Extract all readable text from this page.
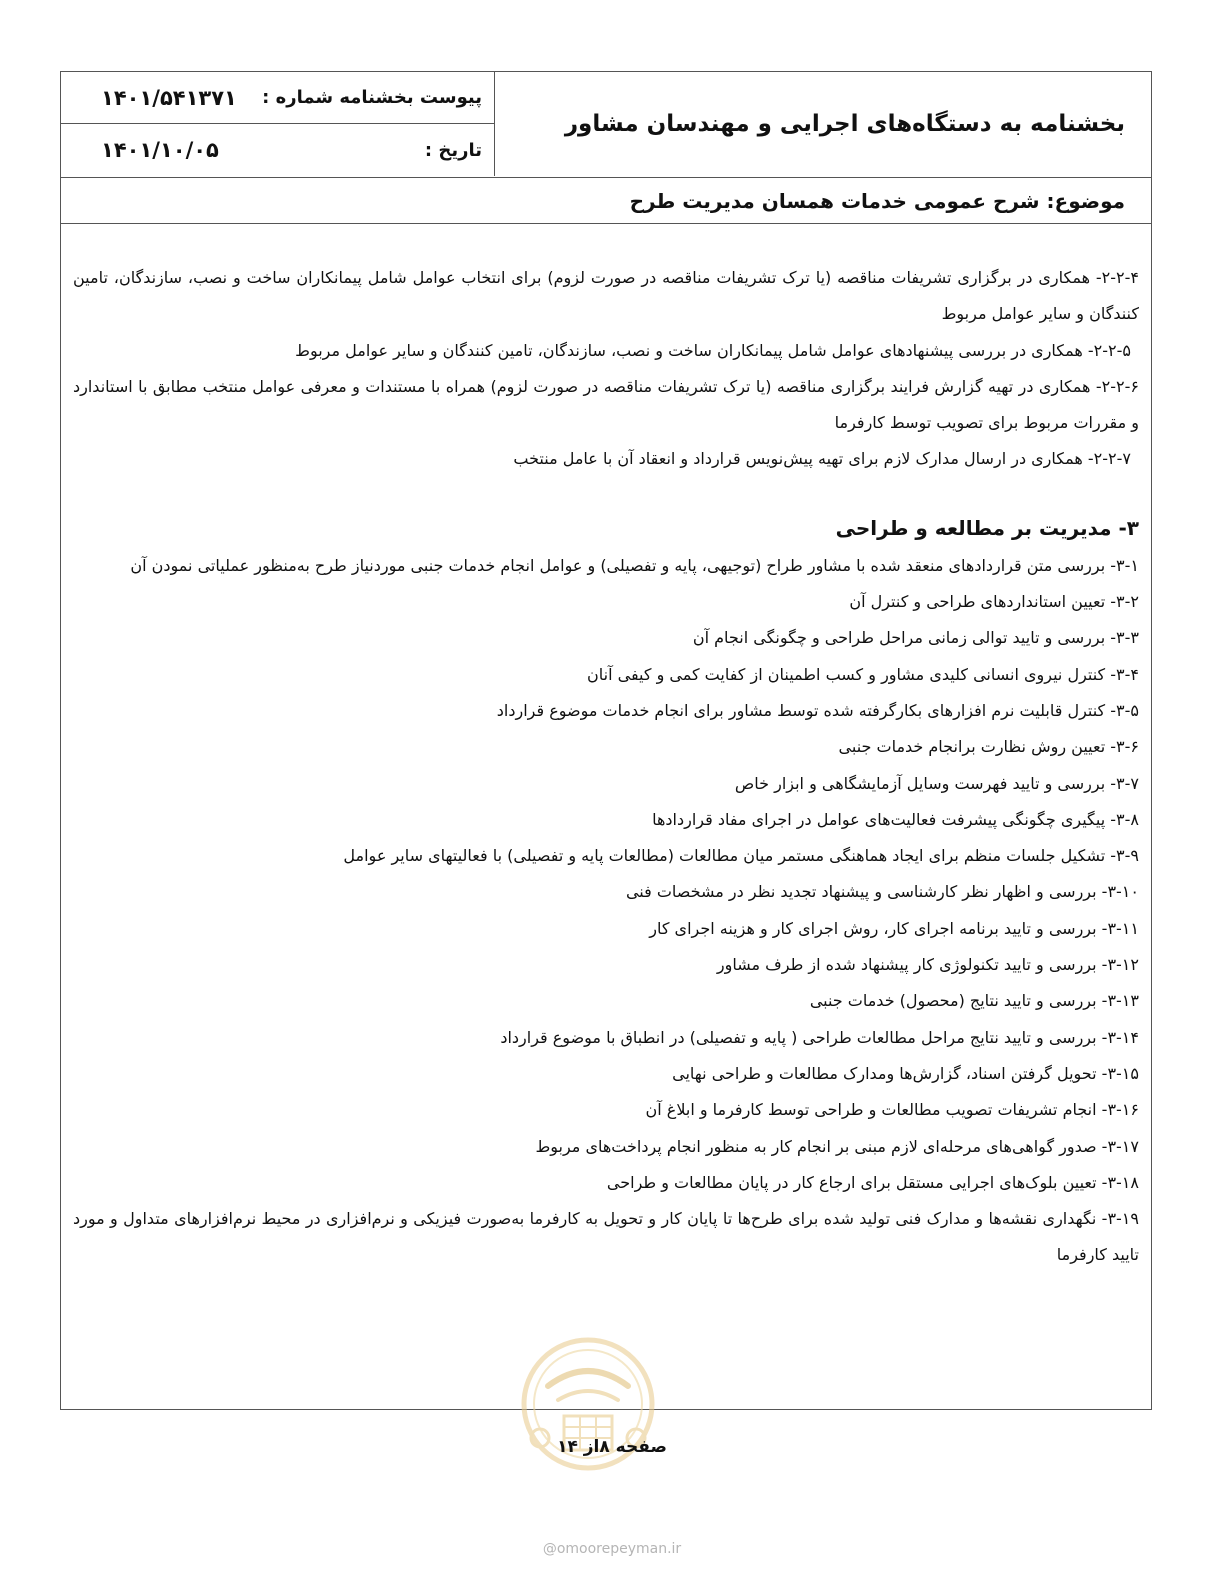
بخشنامه به دستگاه‌های اجرایی و مهندسان مشاور
پیوست بخشنامه شماره :
۱۴۰۱/۵۴۱۳۷۱
تاریخ :
۱۴۰۱/۱۰/۰۵
موضوع: شرح عمومی خدمات همسان مدیریت طرح

۲-۲-۴- همکاری در برگزاری تشریفات مناقصه (یا ترک تشریفات مناقصه در صورت لزوم) برای انتخاب عوامل شامل پیمانکاران ساخت و نصب، سازندگان، تامین کنندگان و سایر عوامل مربوط

۲-۲-۵- همکاری در بررسی پیشنهادهای عوامل شامل پیمانکاران ساخت و نصب، سازندگان، تامین کنندگان و سایر عوامل مربوط

۲-۲-۶- همکاری در تهیه گزارش فرایند برگزاری مناقصه (یا ترک تشریفات مناقصه در صورت لزوم) همراه با مستندات و معرفی عوامل منتخب مطابق با استاندارد و مقررات مربوط برای تصویب توسط کارفرما

۲-۲-۷- همکاری در ارسال مدارک لازم برای تهیه پیش‌نویس قرارداد و انعقاد آن با عامل منتخب

۳- مدیریت بر مطالعه و طراحی

۳-۱- بررسی متن قراردادهای منعقد شده با مشاور طراح (توجیهی، پایه و تفصیلی) و عوامل انجام خدمات جنبی موردنیاز طرح به‌منظور عملیاتی نمودن آن

۳-۲- تعیین استانداردهای طراحی و کنترل آن

۳-۳- بررسی و تایید توالی زمانی مراحل طراحی و چگونگی انجام آن

۳-۴- کنترل نیروی انسانی کلیدی مشاور و کسب اطمینان از کفایت کمی و کیفی آنان

۳-۵- کنترل قابلیت نرم افزارهای بکارگرفته شده توسط مشاور برای انجام خدمات موضوع قرارداد

۳-۶- تعیین روش نظارت برانجام خدمات جنبی

۳-۷- بررسی و تایید فهرست وسایل آزمایشگاهی و ابزار خاص

۳-۸- پیگیری چگونگی پیشرفت فعالیت‌های عوامل در اجرای مفاد قراردادها

۳-۹- تشکیل جلسات منظم برای ایجاد هماهنگی مستمر میان مطالعات (مطالعات پایه و تفصیلی) با فعالیتهای سایر عوامل

۳-۱۰- بررسی و اظهار نظر کارشناسی و پیشنهاد تجدید نظر در مشخصات فنی

۳-۱۱- بررسی و تایید برنامه اجرای کار، روش اجرای کار و هزینه اجرای کار

۳-۱۲- بررسی و تایید تکنولوژی کار پیشنهاد شده از طرف مشاور

۳-۱۳- بررسی و تایید نتایج (محصول) خدمات جنبی

۳-۱۴- بررسی و تایید نتایج مراحل مطالعات طراحی ( پایه و تفصیلی) در انطباق با موضوع قرارداد

۳-۱۵- تحویل گرفتن اسناد، گزارش‌ها ومدارک مطالعات و طراحی نهایی

۳-۱۶- انجام تشریفات تصویب مطالعات و طراحی توسط کارفرما و ابلاغ آن

۳-۱۷- صدور گواهی‌های مرحله‌ای لازم مبنی بر انجام کار به منظور انجام پرداخت‌های مربوط

۳-۱۸- تعیین بلوک‌های اجرایی مستقل برای ارجاع کار در پایان مطالعات و طراحی

۳-۱۹- نگهداری نقشه‌ها و مدارک فنی تولید شده برای طرح‌ها تا پایان کار و تحویل به کارفرما به‌صورت فیزیکی و نرم‌افزاری در محیط نرم‌افزارهای متداول و مورد تایید کارفرما

صفحه ۸از ۱۴
@omoorepeyman.ir
